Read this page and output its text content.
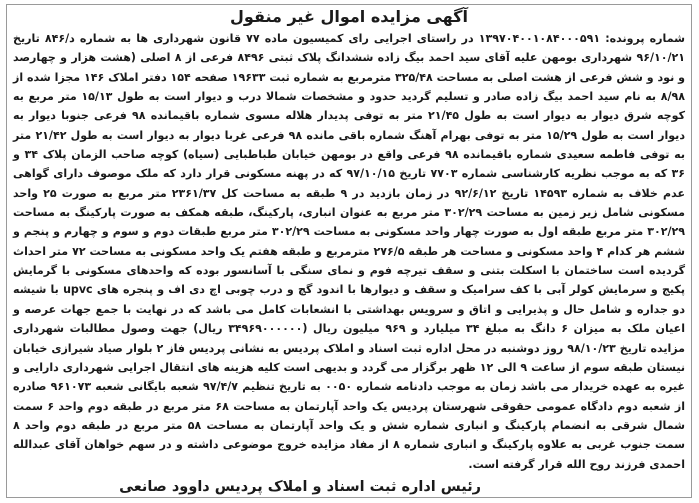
آگهی مزایده اموال غیر منقول

شماره پرونده: ۱۳۹۷۰۴۰۰۱۰۸۴۰۰۰۵۹۱ در راستای اجرایی رای کمیسیون ماده ۷۷ قانون شهرداری ها به شماره د/۸۴۶ تاریخ ۹۶/۱۰/۲۱ شهرداری بومهن علیه آقای سید احمد بیگ زاده ششدانگ پلاک ثبتی ۸۴۹۶ فرعی از ۸ اصلی (هشت هزار و چهارصد و نود و شش فرعی از هشت اصلی به مساحت ۳۲۵/۴۸ مترمربع به شماره ثبت ۱۹۶۳۳ صفحه ۱۵۴ دفتر املاک ۱۴۶ مجزا شده از ۸/۹۸ به نام سید احمد بیگ زاده صادر و تسلیم گردید حدود و مشخصات شمالا درب و دیوار است به طول ۱۵/۱۳ متر مربع به کوچه شرق دیوار به دیوار است به طول ۲۱/۴۵ متر به توفی پدیدار هلاله مسوی شماره باقیمانده ۹۸ فرعی جنوبا دیوار به دیوار است به طول ۱۵/۲۹ متر به توفی بهرام آهنگ شماره باقی مانده ۹۸ فرعی غربا دیوار به دیوار است به طول ۲۱/۴۲ متر به توفی فاطمه سعیدی شماره باقیمانده ۹۸ فرعی واقع در بومهن خیابان طباطبایی (سیاه) کوچه صاحب الزمان پلاک ۳۴ و ۳۶ که به موجب نظریه کارشناسی شماره ۷۷۰۳ تاریخ ۹۷/۱۰/۱۵ که در پهنه مسکونی قرار دارد که ملک موصوف دارای گواهی عدم خلاف به شماره ۱۴۵۹۳ تاریخ ۹۲/۶/۱۲ در زمان بازدید در ۹ طبقه به مساحت کل ۲۳۶۱/۳۷ متر مربع به صورت ۲۵ واحد مسکونی شامل زیر زمین به مساحت ۳۰۲/۲۹ متر مربع به عنوان انباری، پارکینگ، طبقه همکف به صورت پارکینگ به مساحت ۳۰۲/۲۹ متر مربع طبقه اول به صورت چهار واحد مسکونی به مساحت ۳۰۲/۲۹ متر مربع طبقات دوم و سوم و چهارم و پنجم و ششم هر کدام ۴ واحد مسکونی و مساحت هر طبقه ۲۷۶/۵ مترمربع و طبقه هفتم یک واحد مسکونی به مساحت ۷۲ متر احداث گردیده است ساختمان با اسکلت بتنی و سقف تیرچه فوم و نمای سنگی با آسانسور بوده که واحدهای مسکونی با گرمایش پکیج و سرمایش کولر آبی با کف سرامیک و سقف و دیوارها با اندود گچ و درب چوبی اچ دی اف و پنجره های upvc با شیشه دو جداره و شامل حال و پذیرایی و اتاق و سرویس بهداشتی با انشعابات کامل می باشد که در نهایت با جمع جهات عرصه و اعیان ملک به میزان ۶ دانگ به مبلغ ۳۴ میلیارد و ۹۶۹ میلیون ریال (۳۴۹۶۹۰۰۰۰۰۰ ریال) جهت وصول مطالبات شهرداری مزایده تاریخ ۹۸/۱۰/۲۳ روز دوشنبه در محل اداره ثبت اسناد و املاک پردیس به نشانی پردیس فاز ۲ بلوار صیاد شیرازی خیابان نیستان طبقه سوم از ساعت ۹ الی ۱۲ ظهر برگزار می گردد و بدیهی است کلیه هزینه های انتقال اجرایی شهرداری دارایی و غیره به عهده خریدار می باشد زمان به موجب دادنامه شماره ۰۰۵۰ به تاریخ تنظیم ۹۷/۴/۷ شعبه بایگانی شعبه ۹۶۱۰۷۳ صادره از شعبه دوم دادگاه عمومی حقوقی شهرستان پردیس یک واحد آپارتمان به مساحت ۶۸ متر مربع در طبقه دوم واحد ۶ سمت شمال شرقی به انضمام پارکینگ و انباری شماره شش و یک واحد آپارتمان به مساحت ۵۸ متر مربع در طبقه دوم واحد ۸ سمت جنوب غربی به علاوه پارکینگ و انباری شماره ۸ از مفاد مزایده خروج موضوعی داشته و در سهم خواهان آقای عبدالله احمدی فرزند روح الله قرار گرفته است.

رئیس اداره ثبت اسناد و املاک پردیس داوود صانعی
